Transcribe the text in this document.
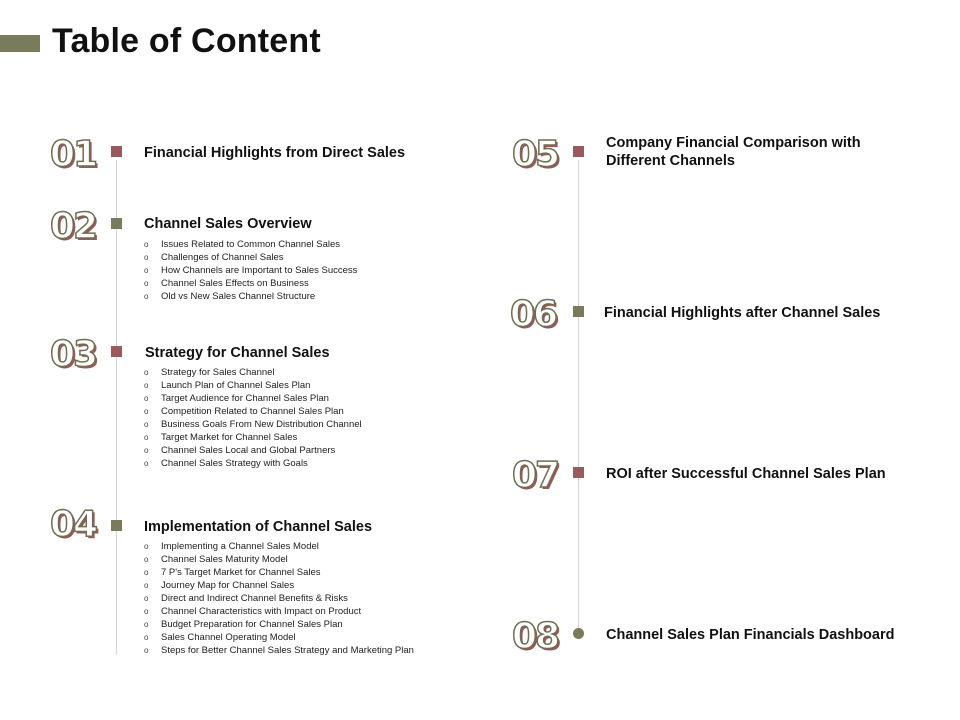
Table of Content
01	Financial Highlights from Direct Sales
02	Channel Sales Overview
o Issues Related to Common Channel Sales
o Challenges of Channel Sales
o How Channels are Important to Sales Success
o Channel Sales Effects on Business
o Old vs New Sales Channel Structure
03	Strategy for Channel Sales
o Strategy for Sales Channel
o Launch Plan of Channel Sales Plan
o Target Audience for Channel Sales Plan
o Competition Related to Channel Sales Plan
o Business Goals From New Distribution Channel
o Target Market for Channel Sales
o Channel Sales Local and Global Partners
o Channel Sales Strategy with Goals
04	Implementation of Channel Sales
o Implementing a Channel Sales Model
o Channel Sales Maturity Model
o 7 P's Target Market for Channel Sales
o Journey Map for Channel Sales
o Direct and Indirect Channel Benefits & Risks
o Channel Characteristics with Impact on Product
o Budget Preparation for Channel Sales Plan
o Sales Channel Operating Model
o Steps for Better Channel Sales Strategy and Marketing Plan
05	Company Financial Comparison with
Different Channels
06	Financial Highlights after Channel Sales
07	ROI after Successful Channel Sales Plan
08	Channel Sales Plan Financials Dashboard
